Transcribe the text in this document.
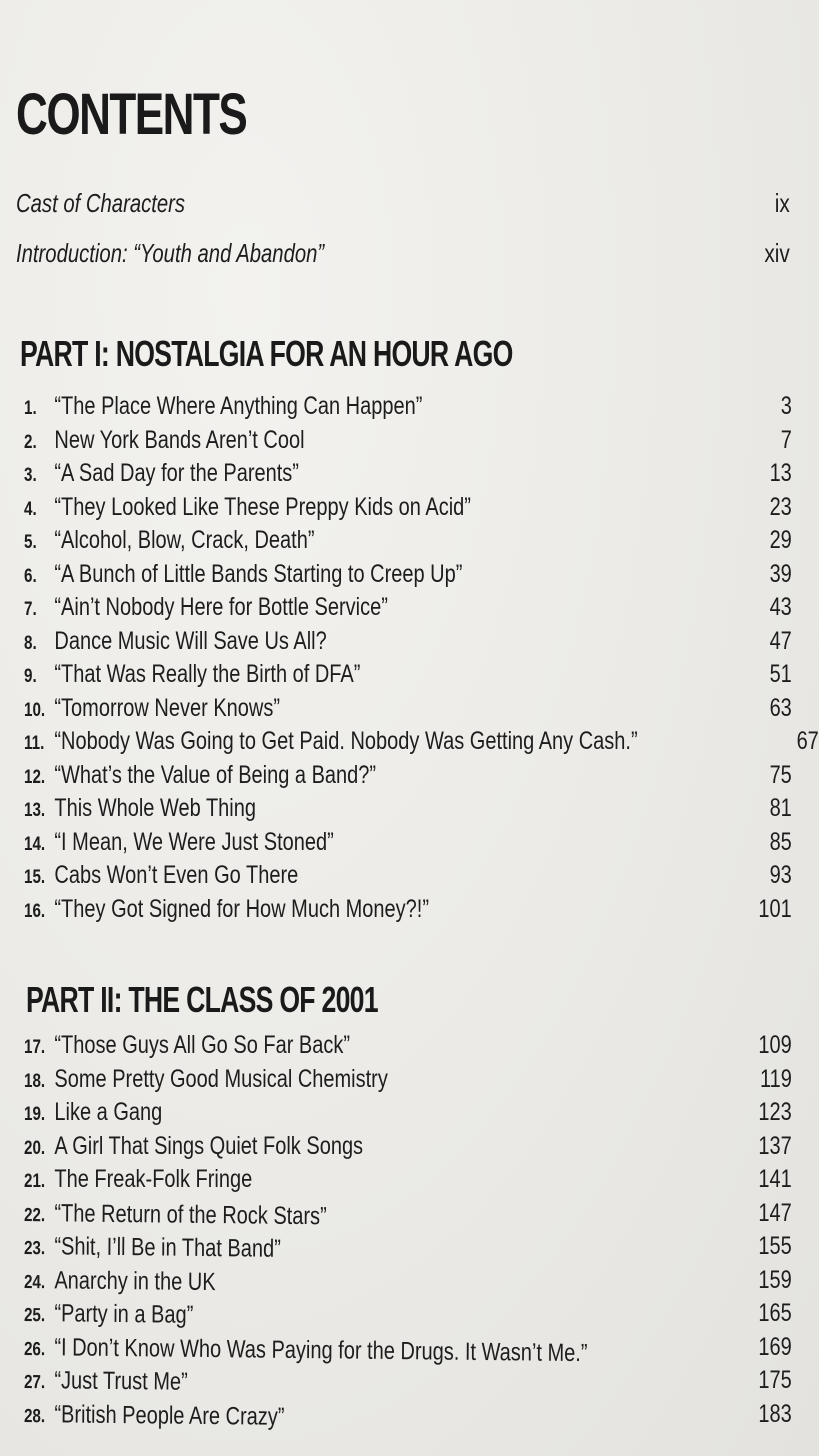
CONTENTS
Cast of Characters	ix
Introduction: “Youth and Abandon”	xiv
PART I: NOSTALGIA FOR AN HOUR AGO
1. “The Place Where Anything Can Happen”	3
2. New York Bands Aren’t Cool	7
3. “A Sad Day for the Parents”	13
4. “They Looked Like These Preppy Kids on Acid”	23
5. “Alcohol, Blow, Crack, Death”	29
6. “A Bunch of Little Bands Starting to Creep Up”	39
7. “Ain’t Nobody Here for Bottle Service”	43
8. Dance Music Will Save Us All?	47
9. “That Was Really the Birth of DFA”	51
10. “Tomorrow Never Knows”	63
11. “Nobody Was Going to Get Paid. Nobody Was Getting Any Cash.”	67
12. “What’s the Value of Being a Band?”	75
13. This Whole Web Thing	81
14. “I Mean, We Were Just Stoned”	85
15. Cabs Won’t Even Go There	93
16. “They Got Signed for How Much Money?!”	101
PART II: THE CLASS OF 2001
17. “Those Guys All Go So Far Back”	109
18. Some Pretty Good Musical Chemistry	119
19. Like a Gang	123
20. A Girl That Sings Quiet Folk Songs	137
21. The Freak-Folk Fringe	141
22. “The Return of the Rock Stars”	147
23. “Shit, I’ll Be in That Band”	155
24. Anarchy in the UK	159
25. “Party in a Bag”	165
26. “I Don’t Know Who Was Paying for the Drugs. It Wasn’t Me.”	169
27. “Just Trust Me”	175
28. “British People Are Crazy”	183
